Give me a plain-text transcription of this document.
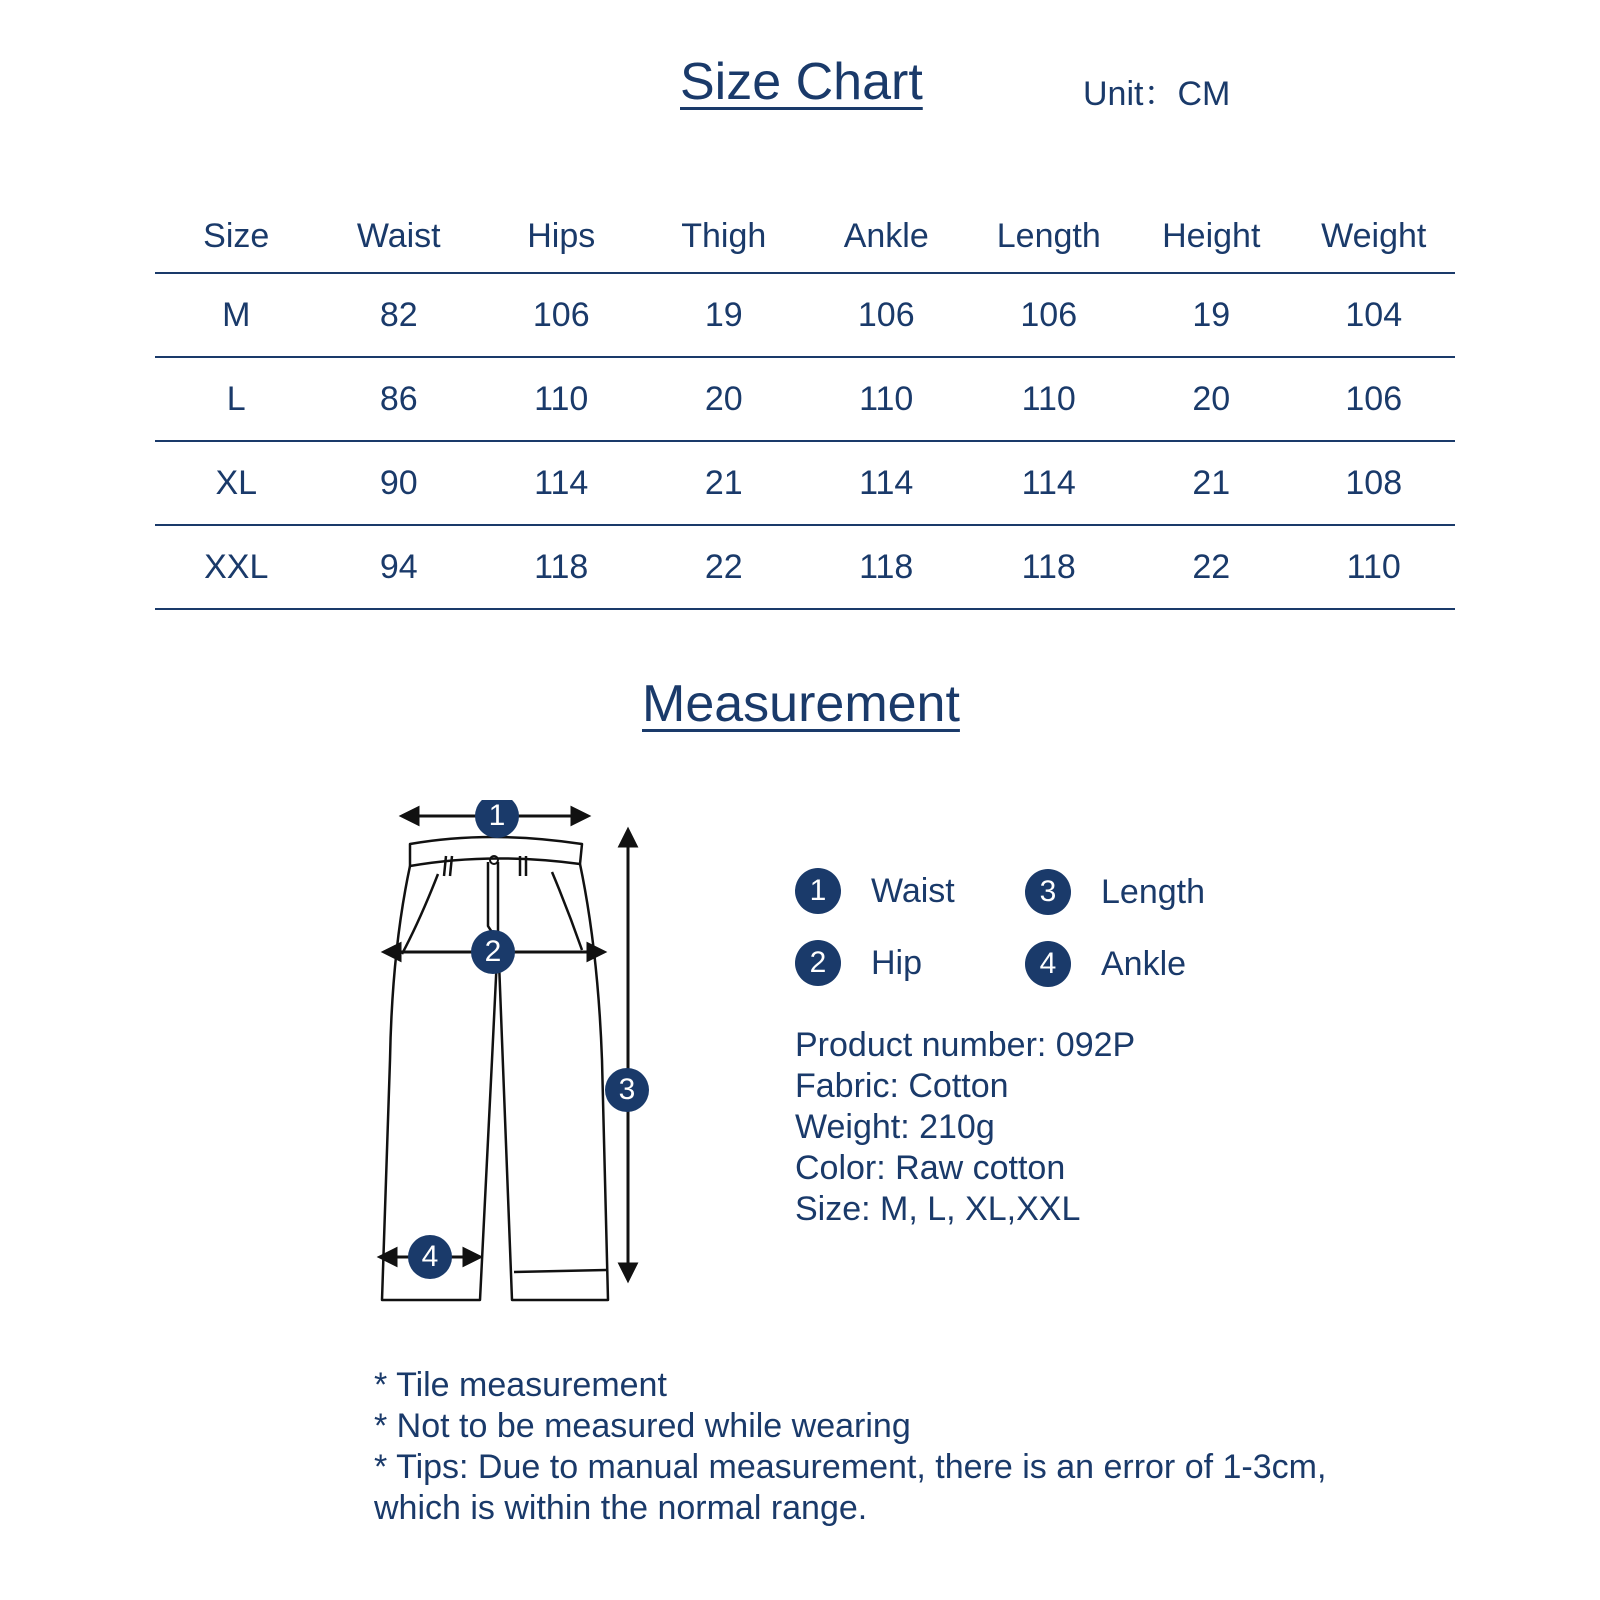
Size Chart	Unit：CM
Size	Waist	Hips	Thigh	Ankle	Length	Height	Weight
M	82	106	19	106	106	19	104
L	86	110	20	110	110	20	106
XL	90	114	21	114	114	21	108
XXL	94	118	22	118	118	22	110
Measurement
1
2
3
4
1	Waist	3	Length
2	Hip	4	Ankle
Product number: 092P
Fabric: Cotton
Weight: 210g
Color: Raw cotton
Size: M, L, XL,XXL
* Tile measurement
* Not to be measured while wearing
* Tips: Due to manual measurement, there is an error of 1-3cm, which is within the normal range.
